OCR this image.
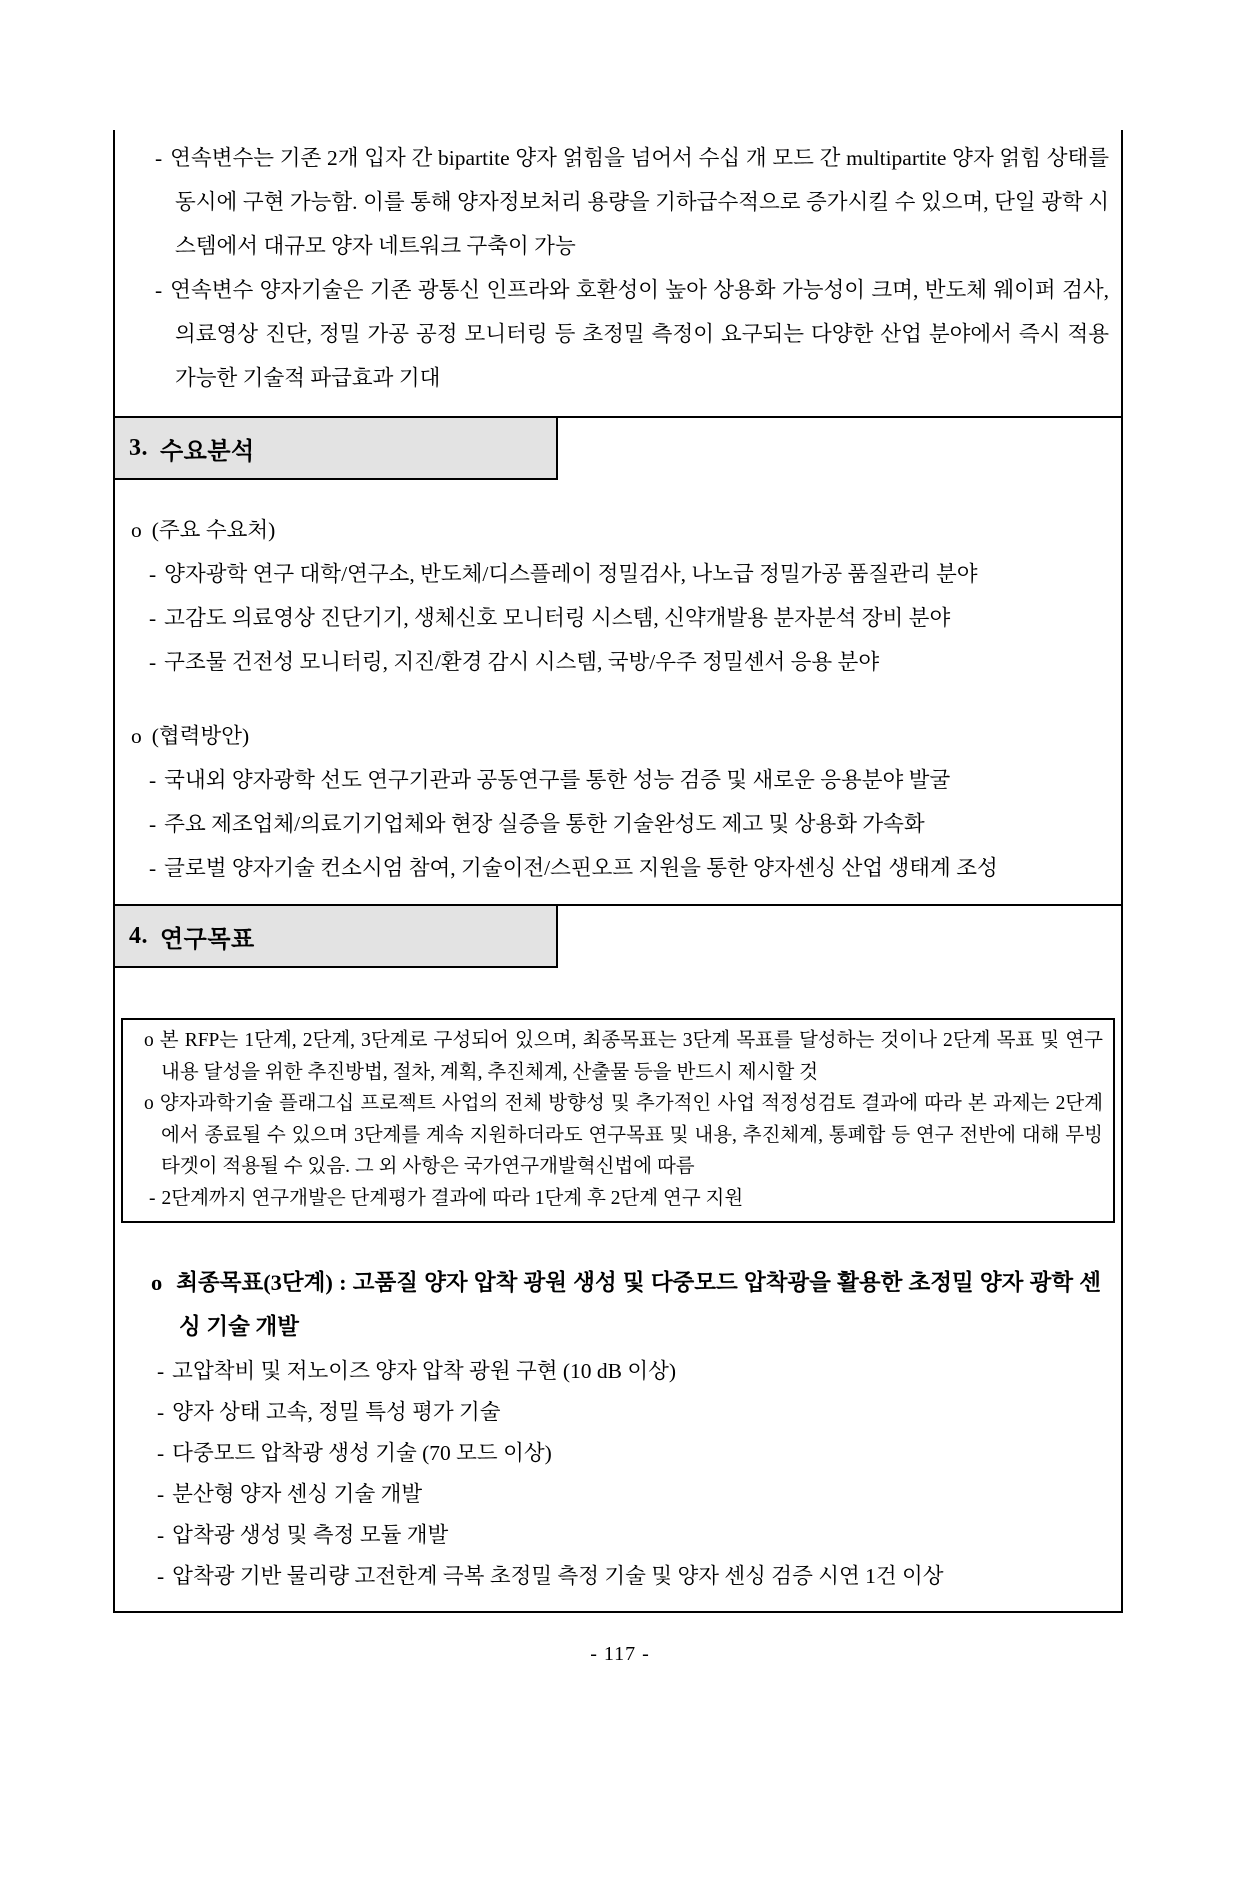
- 연속변수는 기존 2개 입자 간 bipartite 양자 얽힘을 넘어서 수십 개 모드 간 multipartite 양자 얽힘 상태를 동시에 구현 가능함. 이를 통해 양자정보처리 용량을 기하급수적으로 증가시킬 수 있으며, 단일 광학 시스템에서 대규모 양자 네트워크 구축이 가능

- 연속변수 양자기술은 기존 광통신 인프라와 호환성이 높아 상용화 가능성이 크며, 반도체 웨이퍼 검사, 의료영상 진단, 정밀 가공 공정 모니터링 등 초정밀 측정이 요구되는 다양한 산업 분야에서 즉시 적용 가능한 기술적 파급효과 기대

3. 수요분석

o (주요 수요처)

- 양자광학 연구 대학/연구소, 반도체/디스플레이 정밀검사, 나노급 정밀가공 품질관리 분야

- 고감도 의료영상 진단기기, 생체신호 모니터링 시스템, 신약개발용 분자분석 장비 분야

- 구조물 건전성 모니터링, 지진/환경 감시 시스템, 국방/우주 정밀센서 응용 분야

o (협력방안)

- 국내외 양자광학 선도 연구기관과 공동연구를 통한 성능 검증 및 새로운 응용분야 발굴

- 주요 제조업체/의료기기업체와 현장 실증을 통한 기술완성도 제고 및 상용화 가속화

- 글로벌 양자기술 컨소시엄 참여, 기술이전/스핀오프 지원을 통한 양자센싱 산업 생태계 조성

4. 연구목표

o 본 RFP는 1단계, 2단계, 3단계로 구성되어 있으며, 최종목표는 3단계 목표를 달성하는 것이나 2단계 목표 및 연구내용 달성을 위한 추진방법, 절차, 계획, 추진체계, 산출물 등을 반드시 제시할 것

o 양자과학기술 플래그십 프로젝트 사업의 전체 방향성 및 추가적인 사업 적정성검토 결과에 따라 본 과제는 2단계에서 종료될 수 있으며 3단계를 계속 지원하더라도 연구목표 및 내용, 추진체계, 통폐합 등 연구 전반에 대해 무빙타겟이 적용될 수 있음. 그 외 사항은 국가연구개발혁신법에 따름

- 2단계까지 연구개발은 단계평가 결과에 따라 1단계 후 2단계 연구 지원

o 최종목표(3단계) : 고품질 양자 압착 광원 생성 및 다중모드 압착광을 활용한 초정밀 양자 광학 센싱 기술 개발

- 고압착비 및 저노이즈 양자 압착 광원 구현 (10 dB 이상)

- 양자 상태 고속, 정밀 특성 평가 기술

- 다중모드 압착광 생성 기술 (70 모드 이상)

- 분산형 양자 센싱 기술 개발

- 압착광 생성 및 측정 모듈 개발

- 압착광 기반 물리량 고전한계 극복 초정밀 측정 기술 및 양자 센싱 검증 시연 1건 이상

- 117 -
